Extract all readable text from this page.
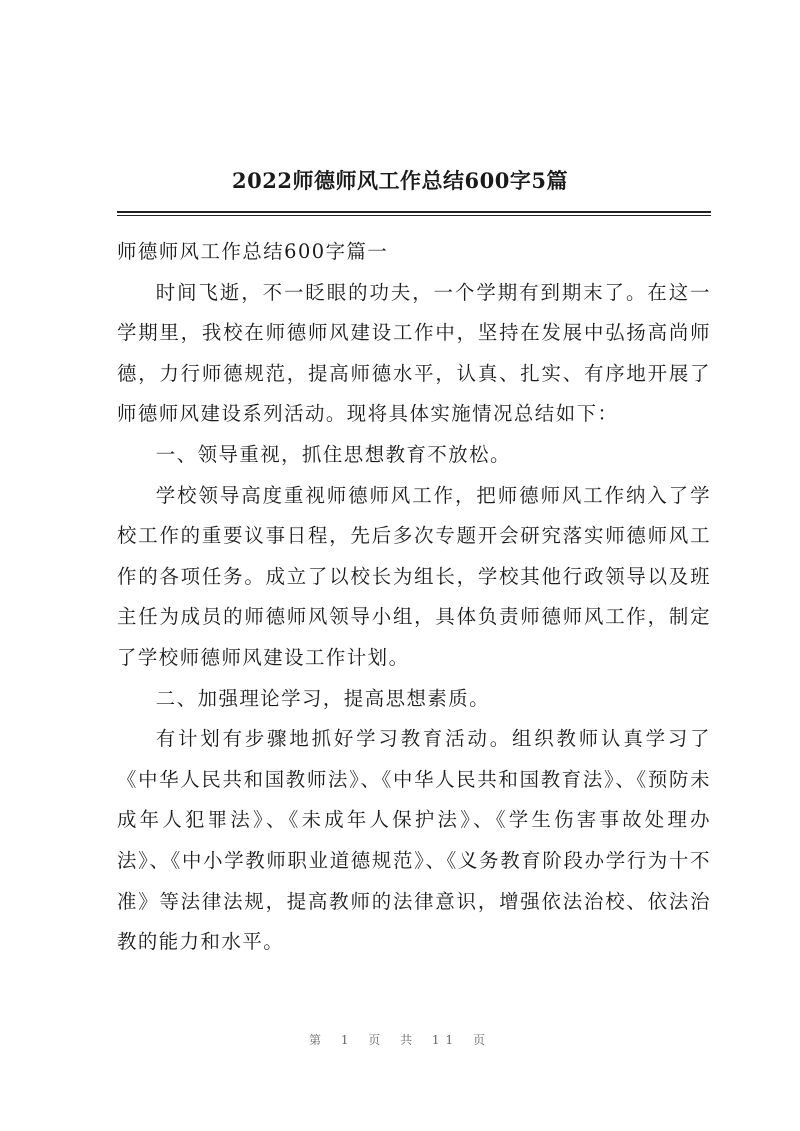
2022师德师风工作总结600字5篇

师德师风工作总结600字篇一

时间飞逝，不一眨眼的功夫，一个学期有到期末了。在这一学期里，我校在师德师风建设工作中，坚持在发展中弘扬高尚师德，力行师德规范，提高师德水平，认真、扎实、有序地开展了师德师风建设系列活动。现将具体实施情况总结如下：

一、领导重视，抓住思想教育不放松。

学校领导高度重视师德师风工作，把师德师风工作纳入了学校工作的重要议事日程，先后多次专题开会研究落实师德师风工作的各项任务。成立了以校长为组长，学校其他行政领导以及班主任为成员的师德师风领导小组，具体负责师德师风工作，制定了学校师德师风建设工作计划。

二、加强理论学习，提高思想素质。

有计划有步骤地抓好学习教育活动。组织教师认真学习了《中华人民共和国教师法》、《中华人民共和国教育法》、《预防未成年人犯罪法》、《未成年人保护法》、《学生伤害事故处理办法》、《中小学教师职业道德规范》、《义务教育阶段办学行为十不准》等法律法规，提高教师的法律意识，增强依法治校、依法治教的能力和水平。

第 1 页 共 11 页
